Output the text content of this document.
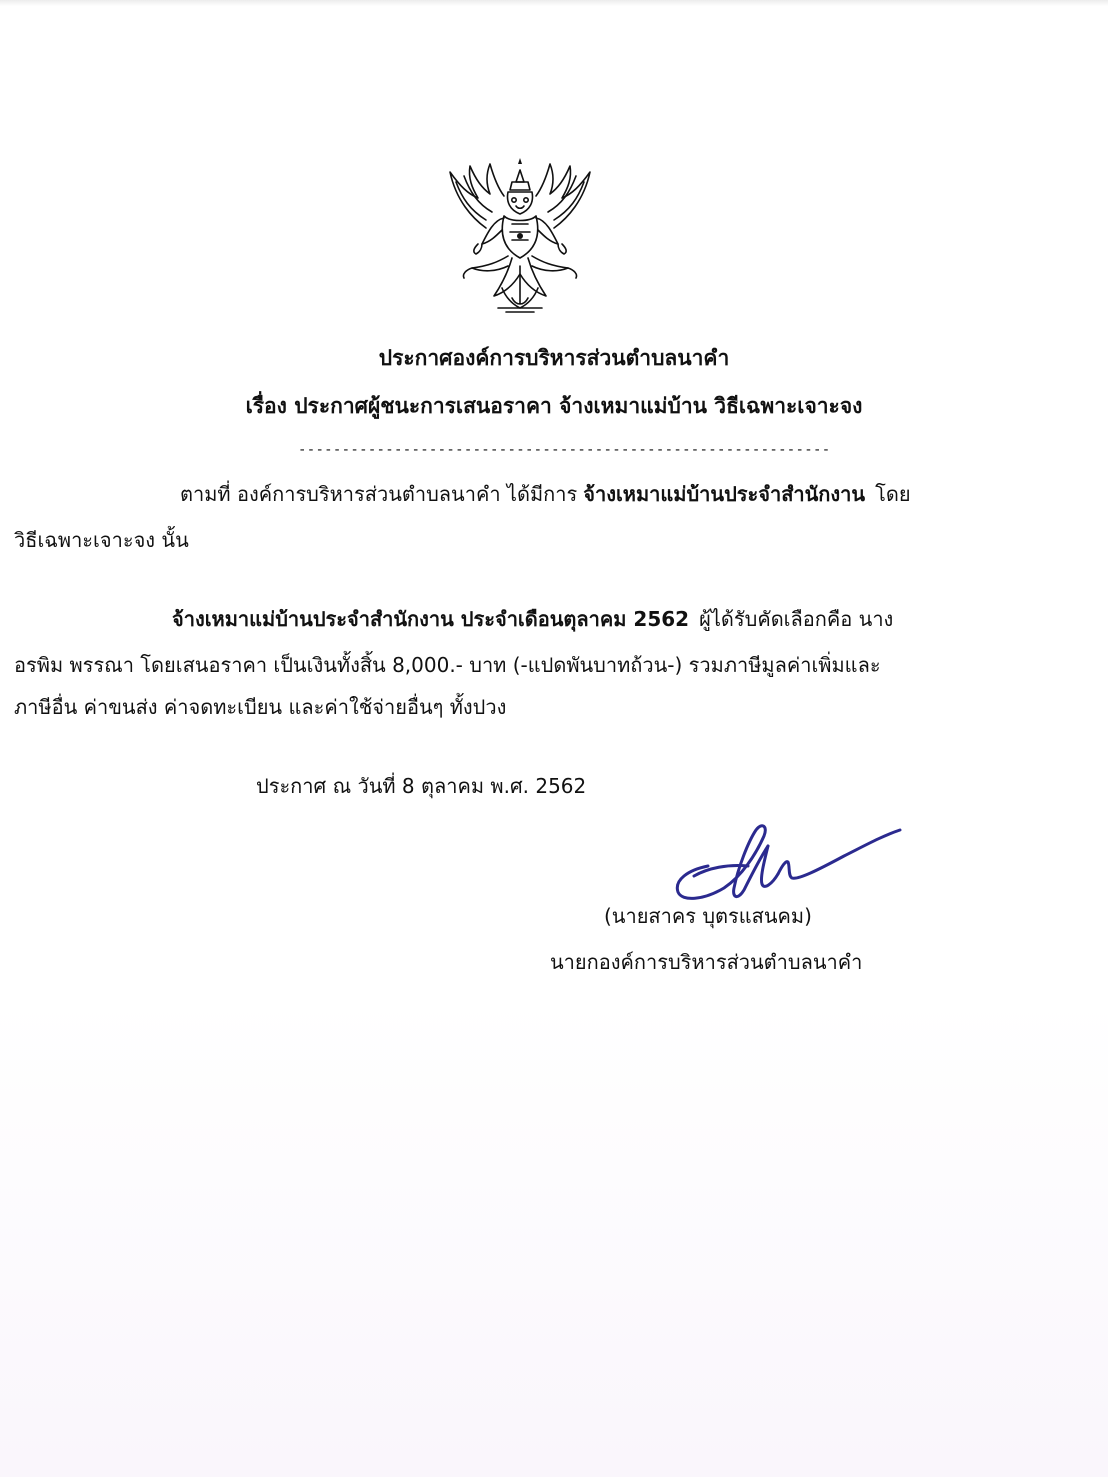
ประกาศองค์การบริหารส่วนตำบลนาคำ
เรื่อง ประกาศผู้ชนะการเสนอราคา จ้างเหมาแม่บ้าน วิธีเฉพาะเจาะจง
-------------------------------------------------------------
ตามที่ องค์การบริหารส่วนตำบลนาคำ ได้มีการ จ้างเหมาแม่บ้านประจำสำนักงาน โดย
วิธีเฉพาะเจาะจง นั้น
จ้างเหมาแม่บ้านประจำสำนักงาน ประจำเดือนตุลาคม 2562 ผู้ได้รับคัดเลือกคือ นาง
อรพิม พรรณา โดยเสนอราคา เป็นเงินทั้งสิ้น 8,000.- บาท (-แปดพันบาทถ้วน-) รวมภาษีมูลค่าเพิ่มและ
ภาษีอื่น ค่าขนส่ง ค่าจดทะเบียน และค่าใช้จ่ายอื่นๆ ทั้งปวง
ประกาศ ณ วันที่ 8 ตุลาคม พ.ศ. 2562
(นายสาคร บุตรแสนคม)
นายกองค์การบริหารส่วนตำบลนาคำ
